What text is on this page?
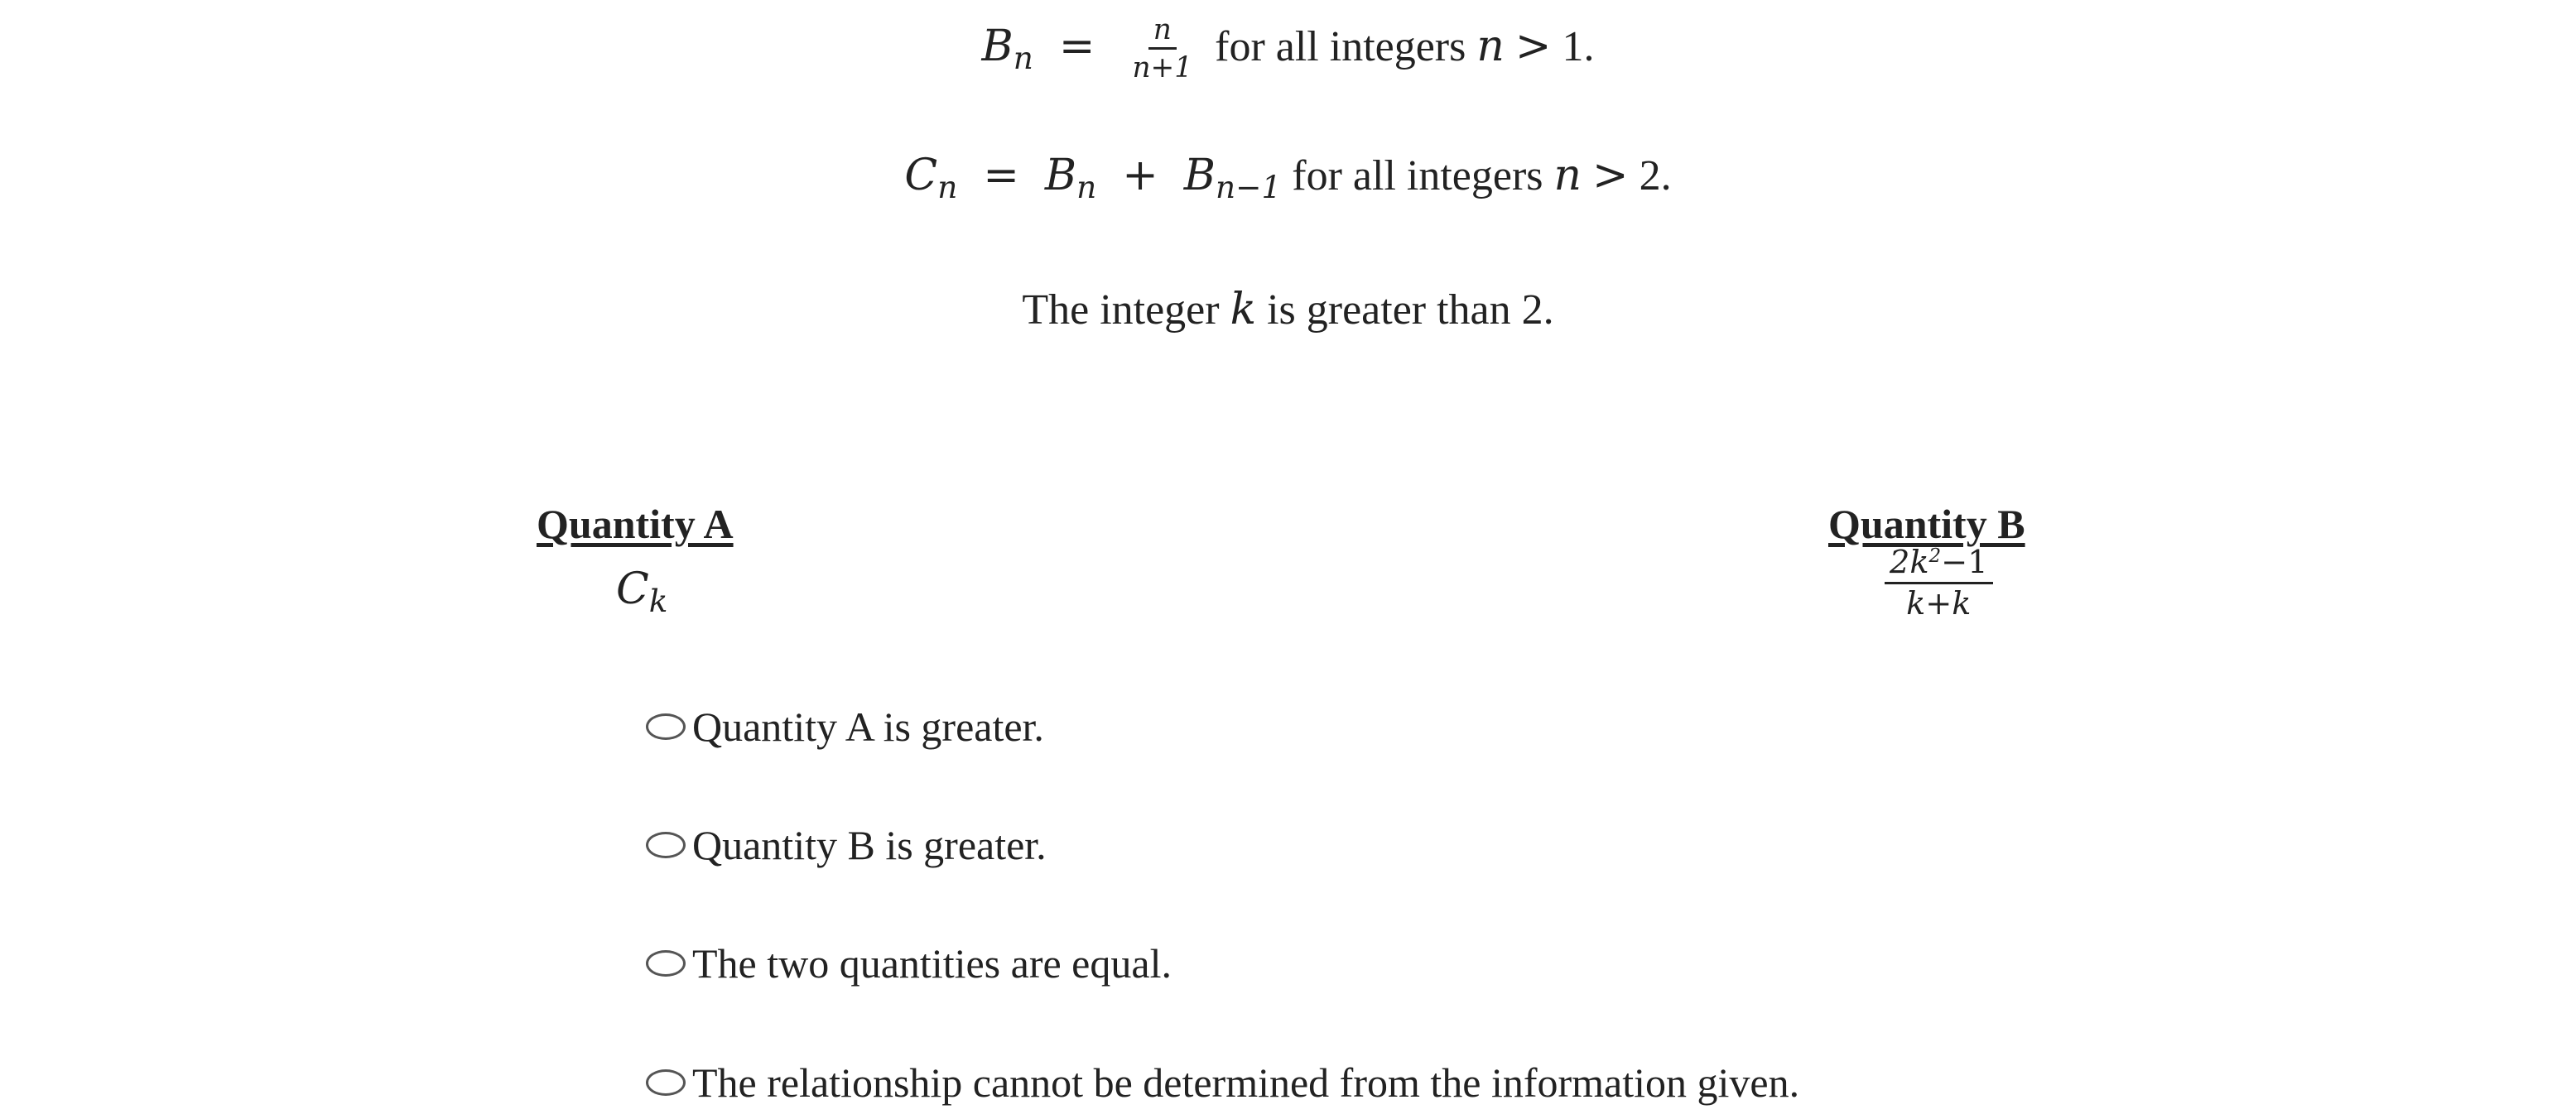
$B_n = \frac{n}{n+1}$ for all integers n > 1.
$C_n = B_n + B_{n-1}$ for all integers n > 2.
The integer k is greater than 2.
Quantity A
$C_k$
Quantity B
$\frac{2k^2-1}{k+k}$
Quantity A is greater.
Quantity B is greater.
The two quantities are equal.
The relationship cannot be determined from the information given.
